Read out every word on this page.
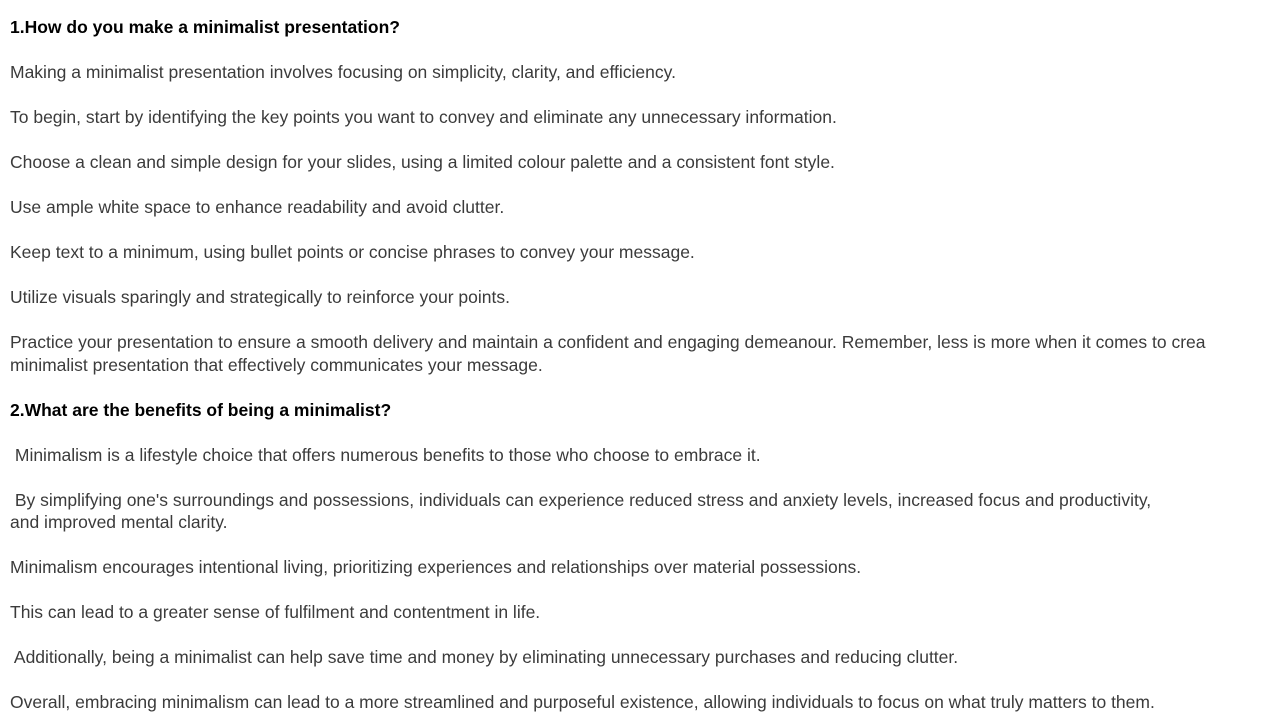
1.How do you make a minimalist presentation?

Making a minimalist presentation involves focusing on simplicity, clarity, and efficiency.

To begin, start by identifying the key points you want to convey and eliminate any unnecessary information.

Choose a clean and simple design for your slides, using a limited colour palette and a consistent font style.

Use ample white space to enhance readability and avoid clutter.

Keep text to a minimum, using bullet points or concise phrases to convey your message.

Utilize visuals sparingly and strategically to reinforce your points.

Practice your presentation to ensure a smooth delivery and maintain a confident and engaging demeanour. Remember, less is more when it comes to crea

minimalist presentation that effectively communicates your message.

2.What are the benefits of being a minimalist?

Minimalism is a lifestyle choice that offers numerous benefits to those who choose to embrace it.

By simplifying one's surroundings and possessions, individuals can experience reduced stress and anxiety levels, increased focus and productivity,

and improved mental clarity.

Minimalism encourages intentional living, prioritizing experiences and relationships over material possessions.

This can lead to a greater sense of fulfilment and contentment in life.

Additionally, being a minimalist can help save time and money by eliminating unnecessary purchases and reducing clutter.

Overall, embracing minimalism can lead to a more streamlined and purposeful existence, allowing individuals to focus on what truly matters to them.
